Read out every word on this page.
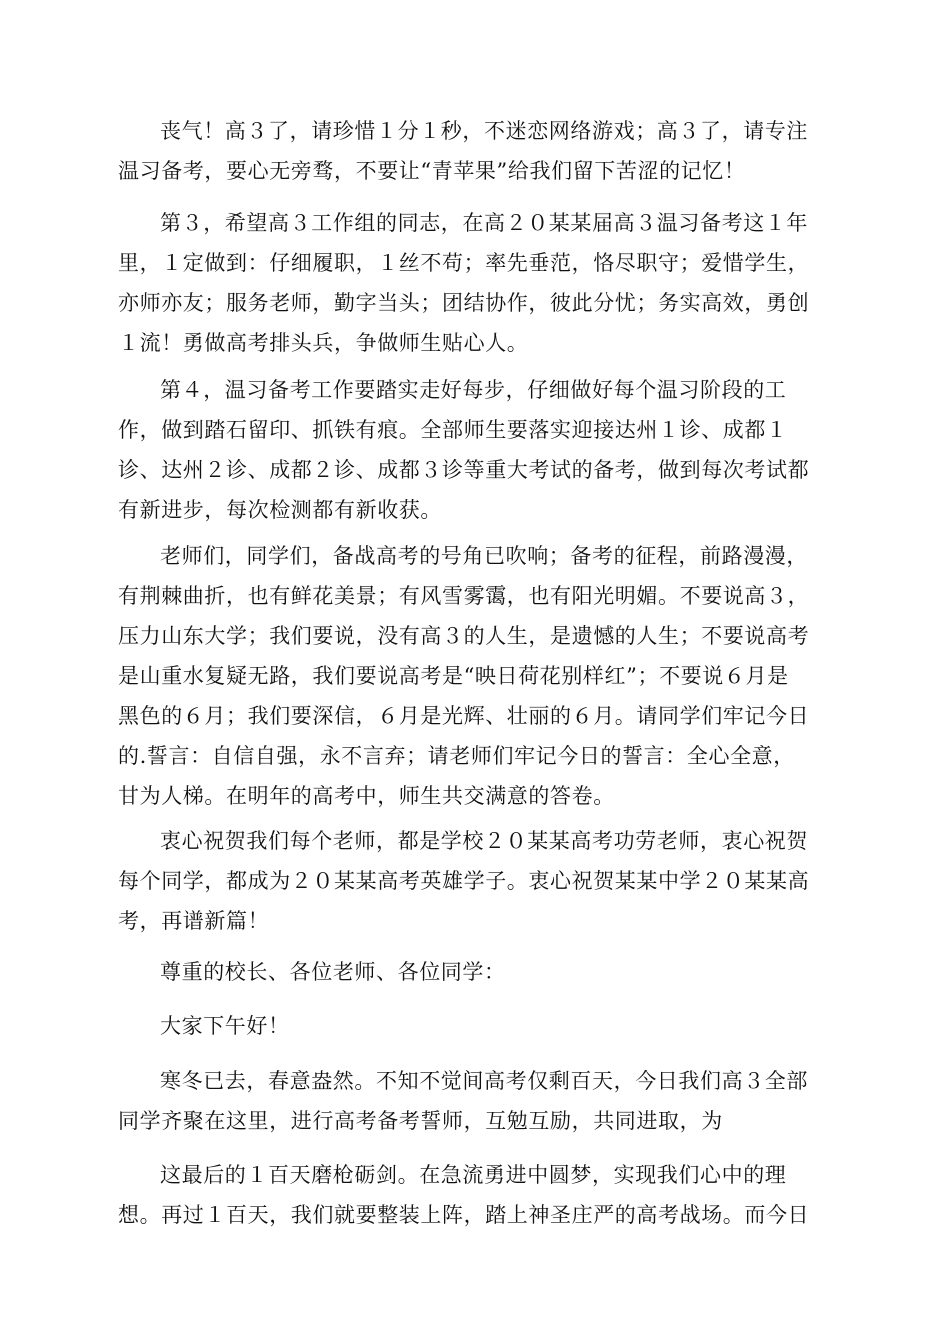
丧气！高３了，请珍惜１分１秒，不迷恋网络游戏；高３了，请专注
温习备考，要心无旁骛，不要让“青苹果”给我们留下苦涩的记忆！
第３，希望高３工作组的同志，在高２０某某届高３温习备考这１年
里，１定做到：仔细履职，１丝不苟；率先垂范，恪尽职守；爱惜学生，
亦师亦友；服务老师，勤字当头；团结协作，彼此分忧；务实高效，勇创
１流！勇做高考排头兵，争做师生贴心人。
第４，温习备考工作要踏实走好每步，仔细做好每个温习阶段的工
作，做到踏石留印、抓铁有痕。全部师生要落实迎接达州１诊、成都１
诊、达州２诊、成都２诊、成都３诊等重大考试的备考，做到每次考试都
有新进步，每次检测都有新收获。
老师们，同学们，备战高考的号角已吹响；备考的征程，前路漫漫，
有荆棘曲折，也有鲜花美景；有风雪雾霭，也有阳光明媚。不要说高３，
压力山东大学；我们要说，没有高３的人生，是遗憾的人生；不要说高考
是山重水复疑无路，我们要说高考是“映日荷花别样红”；不要说６月是
黑色的６月；我们要深信，６月是光辉、壮丽的６月。请同学们牢记今日
的.誓言：自信自强，永不言弃；请老师们牢记今日的誓言：全心全意，
甘为人梯。在明年的高考中，师生共交满意的答卷。
衷心祝贺我们每个老师，都是学校２０某某高考功劳老师，衷心祝贺
每个同学，都成为２０某某高考英雄学子。衷心祝贺某某中学２０某某高
考，再谱新篇！
尊重的校长、各位老师、各位同学：
大家下午好！
寒冬已去，春意盎然。不知不觉间高考仅剩百天，今日我们高３全部
同学齐聚在这里，进行高考备考誓师，互勉互励，共同进取，为
这最后的１百天磨枪砺剑。在急流勇进中圆梦，实现我们心中的理
想。再过１百天，我们就要整装上阵，踏上神圣庄严的高考战场。而今日
